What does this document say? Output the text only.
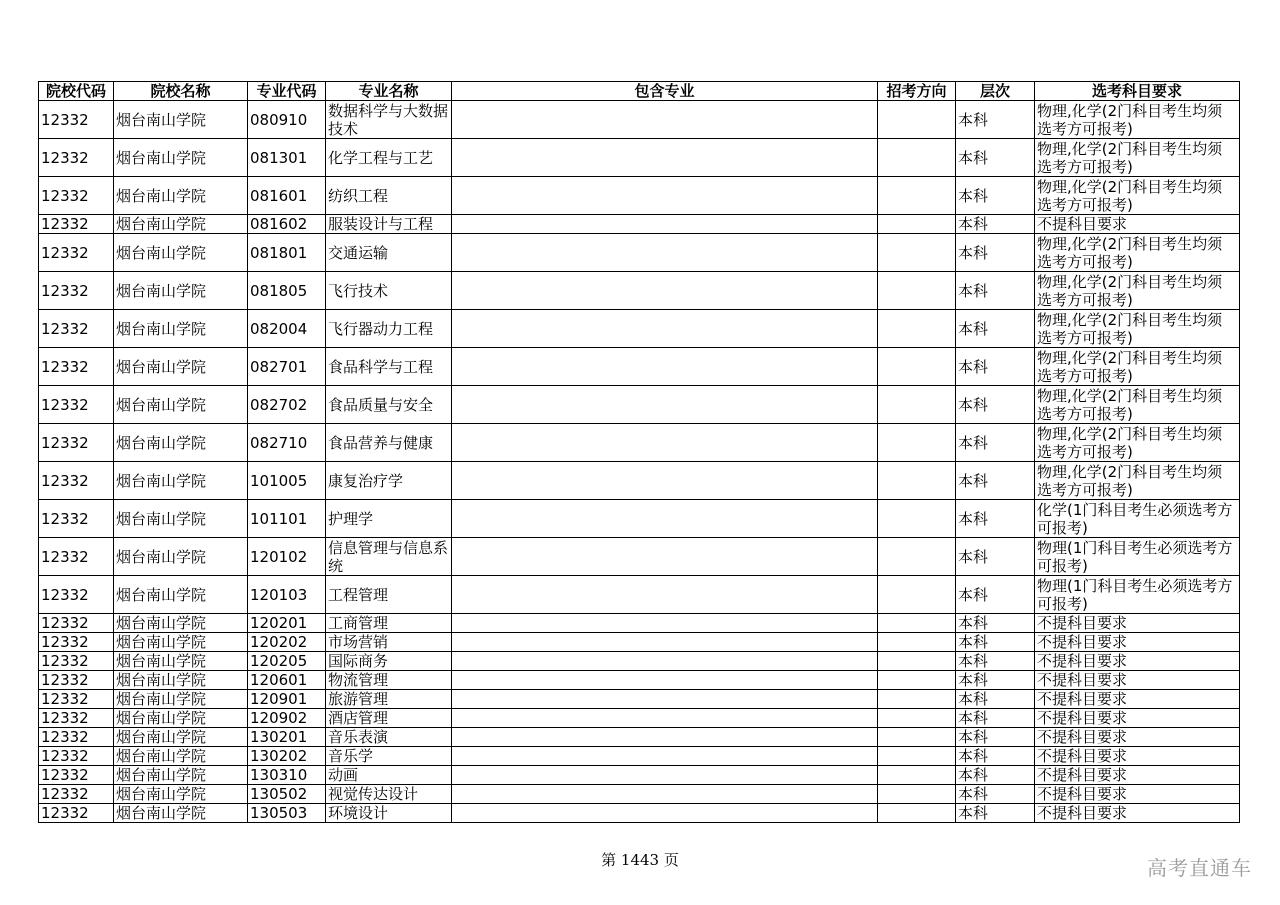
院校代码	院校名称	专业代码	专业名称	包含专业	招考方向	层次	选考科目要求
12332	烟台南山学院	080910	数据科学与大数据技术			本科	物理,化学(2门科目考生均须选考方可报考)
12332	烟台南山学院	081301	化学工程与工艺			本科	物理,化学(2门科目考生均须选考方可报考)
12332	烟台南山学院	081601	纺织工程			本科	物理,化学(2门科目考生均须选考方可报考)
12332	烟台南山学院	081602	服装设计与工程			本科	不提科目要求
12332	烟台南山学院	081801	交通运输			本科	物理,化学(2门科目考生均须选考方可报考)
12332	烟台南山学院	081805	飞行技术			本科	物理,化学(2门科目考生均须选考方可报考)
12332	烟台南山学院	082004	飞行器动力工程			本科	物理,化学(2门科目考生均须选考方可报考)
12332	烟台南山学院	082701	食品科学与工程			本科	物理,化学(2门科目考生均须选考方可报考)
12332	烟台南山学院	082702	食品质量与安全			本科	物理,化学(2门科目考生均须选考方可报考)
12332	烟台南山学院	082710	食品营养与健康			本科	物理,化学(2门科目考生均须选考方可报考)
12332	烟台南山学院	101005	康复治疗学			本科	物理,化学(2门科目考生均须选考方可报考)
12332	烟台南山学院	101101	护理学			本科	化学(1门科目考生必须选考方可报考)
12332	烟台南山学院	120102	信息管理与信息系统			本科	物理(1门科目考生必须选考方可报考)
12332	烟台南山学院	120103	工程管理			本科	物理(1门科目考生必须选考方可报考)
12332	烟台南山学院	120201	工商管理			本科	不提科目要求
12332	烟台南山学院	120202	市场营销			本科	不提科目要求
12332	烟台南山学院	120205	国际商务			本科	不提科目要求
12332	烟台南山学院	120601	物流管理			本科	不提科目要求
12332	烟台南山学院	120901	旅游管理			本科	不提科目要求
12332	烟台南山学院	120902	酒店管理			本科	不提科目要求
12332	烟台南山学院	130201	音乐表演			本科	不提科目要求
12332	烟台南山学院	130202	音乐学			本科	不提科目要求
12332	烟台南山学院	130310	动画			本科	不提科目要求
12332	烟台南山学院	130502	视觉传达设计			本科	不提科目要求
12332	烟台南山学院	130503	环境设计			本科	不提科目要求
第 1443 页	高考直通车
